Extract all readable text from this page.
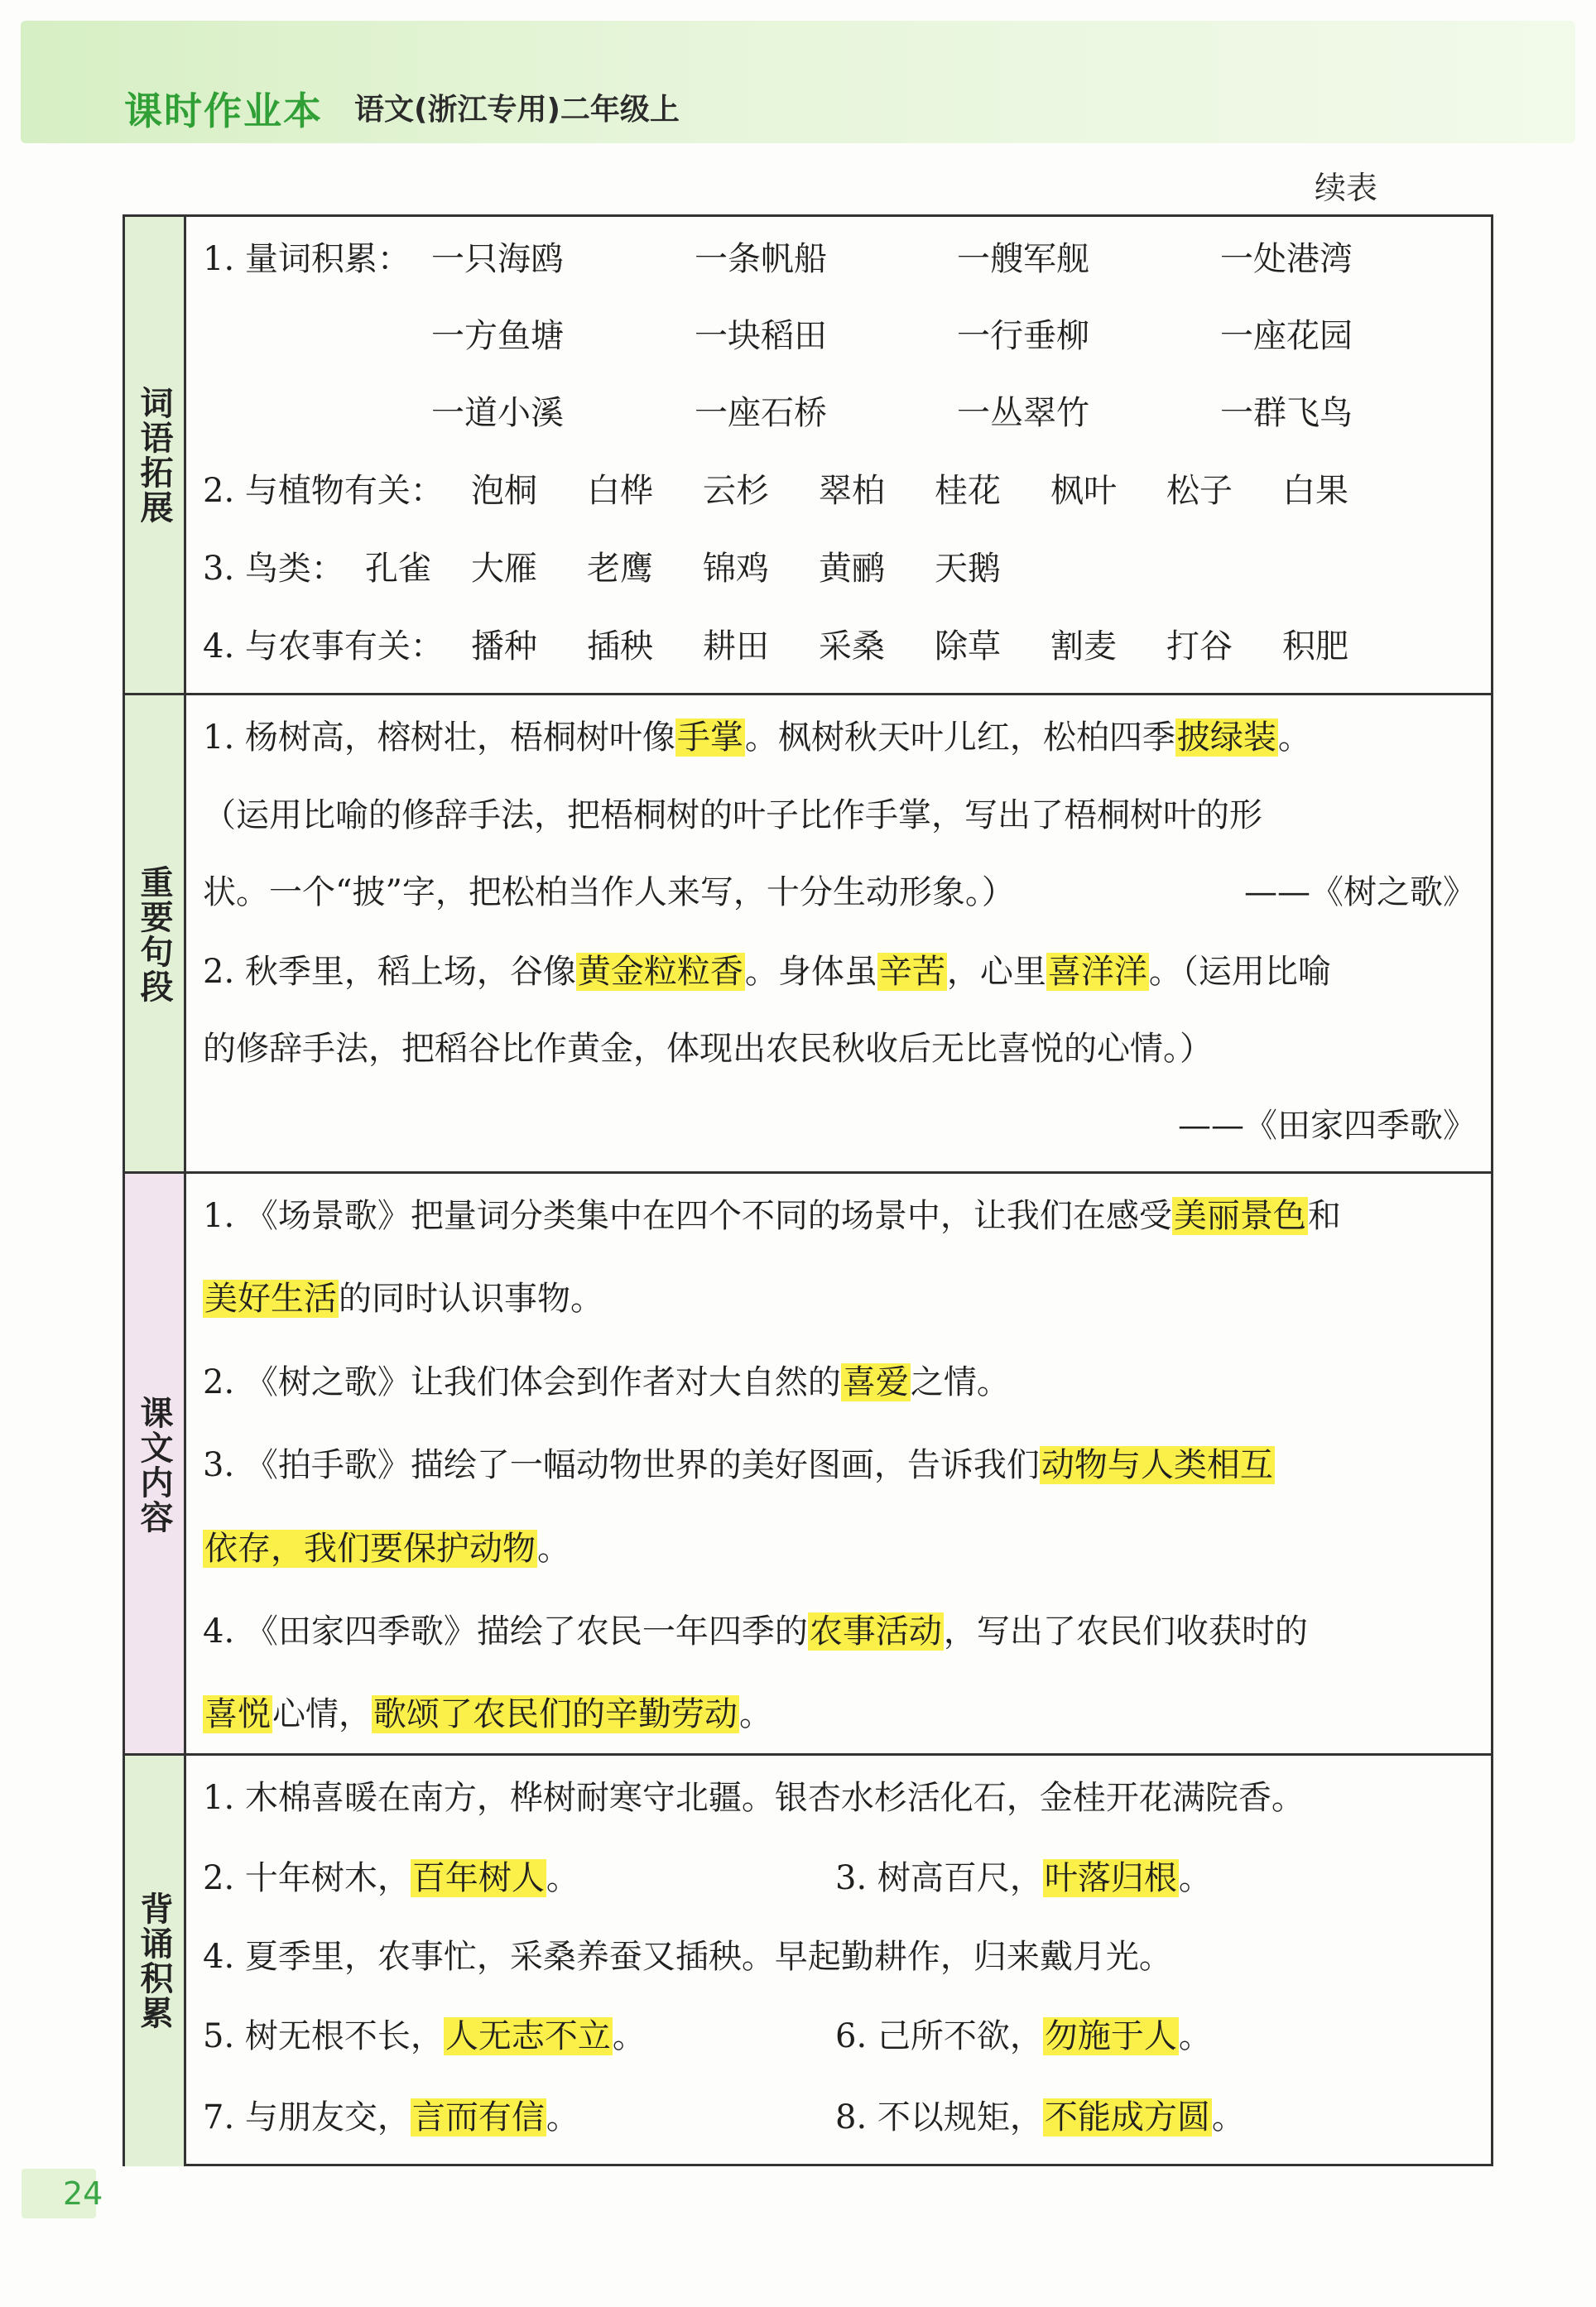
课时作业本 语文(浙江专用)二年级上
续表
词语拓展
1. 量词积累： 一只海鸥	一条帆船	一艘军舰	一处港湾
一方鱼塘	一块稻田	一行垂柳	一座花园
一道小溪	一座石桥	一丛翠竹	一群飞鸟
2. 与植物有关： 泡桐 白桦 云杉 翠柏 桂花 枫叶 松子 白果
3. 鸟类： 孔雀 大雁 老鹰 锦鸡 黄鹂 天鹅
4. 与农事有关： 播种 插秧 耕田 采桑 除草 割麦 打谷 积肥
重要句段
1. 杨树高，榕树壮，梧桐树叶像手掌。枫树秋天叶儿红，松柏四季披绿装。
（运用比喻的修辞手法，把梧桐树的叶子比作手掌，写出了梧桐树叶的形
状。一个“披”字，把松柏当作人来写，十分生动形象。）	——《树之歌》
2. 秋季里，稻上场，谷像黄金粒粒香。身体虽辛苦，心里喜洋洋。（运用比喻
的修辞手法，把稻谷比作黄金，体现出农民秋收后无比喜悦的心情。）
——《田家四季歌》
课文内容
1. 《场景歌》把量词分类集中在四个不同的场景中，让我们在感受美丽景色和
美好生活的同时认识事物。
2. 《树之歌》让我们体会到作者对大自然的喜爱之情。
3. 《拍手歌》描绘了一幅动物世界的美好图画，告诉我们动物与人类相互
依存，我们要保护动物。
4. 《田家四季歌》描绘了农民一年四季的农事活动，写出了农民们收获时的
喜悦心情，歌颂了农民们的辛勤劳动。
背诵积累
1. 木棉喜暖在南方，桦树耐寒守北疆。银杏水杉活化石，金桂开花满院香。
2. 十年树木，百年树人。	3. 树高百尺，叶落归根。
4. 夏季里，农事忙，采桑养蚕又插秧。早起勤耕作，归来戴月光。
5. 树无根不长，人无志不立。	6. 己所不欲，勿施于人。
7. 与朋友交，言而有信。	8. 不以规矩，不能成方圆。
24
